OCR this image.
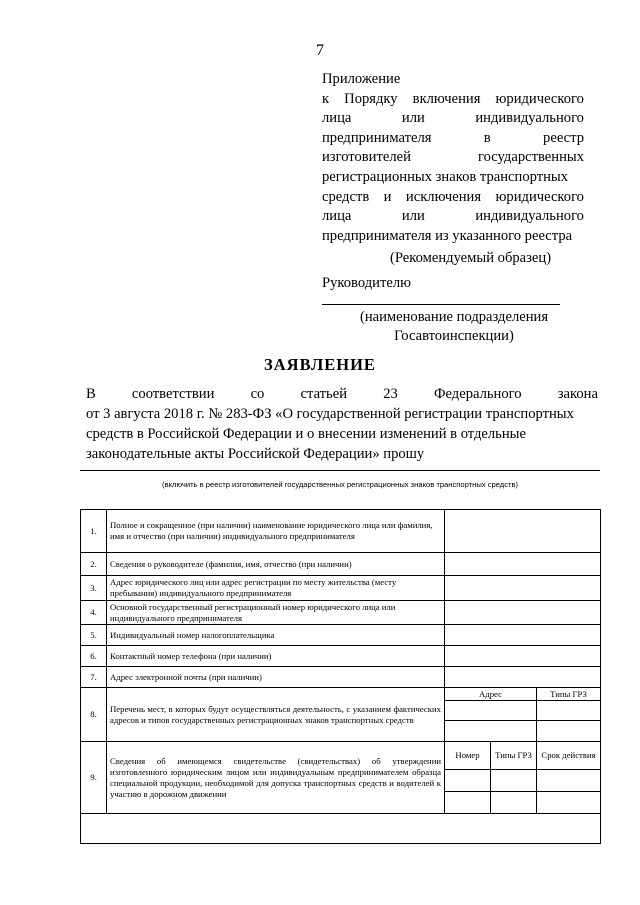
7
Приложение
к Порядку включения юридического
лица	или	индивидуального
предпринимателя	в	реестр
изготовителей	государственных
регистрационных знаков транспортных
средств и исключения юридического
лица	или	индивидуального
предпринимателя из указанного реестра
(Рекомендуемый образец)
Руководителю
(наименование подразделения
Госавтоинспекции)
ЗАЯВЛЕНИЕ
В соответствии со статьей 23 Федерального закона
от 3 августа 2018 г. № 283-ФЗ «О государственной регистрации транспортных
средств в Российской Федерации и о внесении изменений в отдельные
законодательные акты Российской Федерации» прошу
(включить в реестр изготовителей государственных регистрационных знаков транспортных средств)
1.	Полное и сокращенное (при наличии) наименование юридического лица или фамилия, имя и отчество (при наличии) индивидуального предпринимателя			
2.	Сведения о руководителе (фамилия, имя, отчество (при наличии)			
3.	Адрес юридического лиц или адрес регистрации по месту жительства (месту пребывания) индивидуального предпринимателя			
4.	Основной государственный регистрационный номер юридического лица или индивидуального предпринимателя			
5.	Индивидуальный номер налогоплательщика			
6.	Контактный номер телефона (при наличии)			
7.	Адрес электронной почты (при наличии)			
8.	Перечень мест, в которых будут осуществляться деятельность, с указанием фактических адресов и типов государственных регистрационных знаков транспортных средств	Адрес		Типы ГРЗ

9.	Сведения об имеющемся свидетельстве (свидетельствах) об утверждении изготовленного юридическим лицом или индивидуальным предпринимателем образца специальной продукции, необходимой для допуска транспортных средств и водителей к участию в дорожном движении	Номер	Типы ГРЗ	Срок действия
